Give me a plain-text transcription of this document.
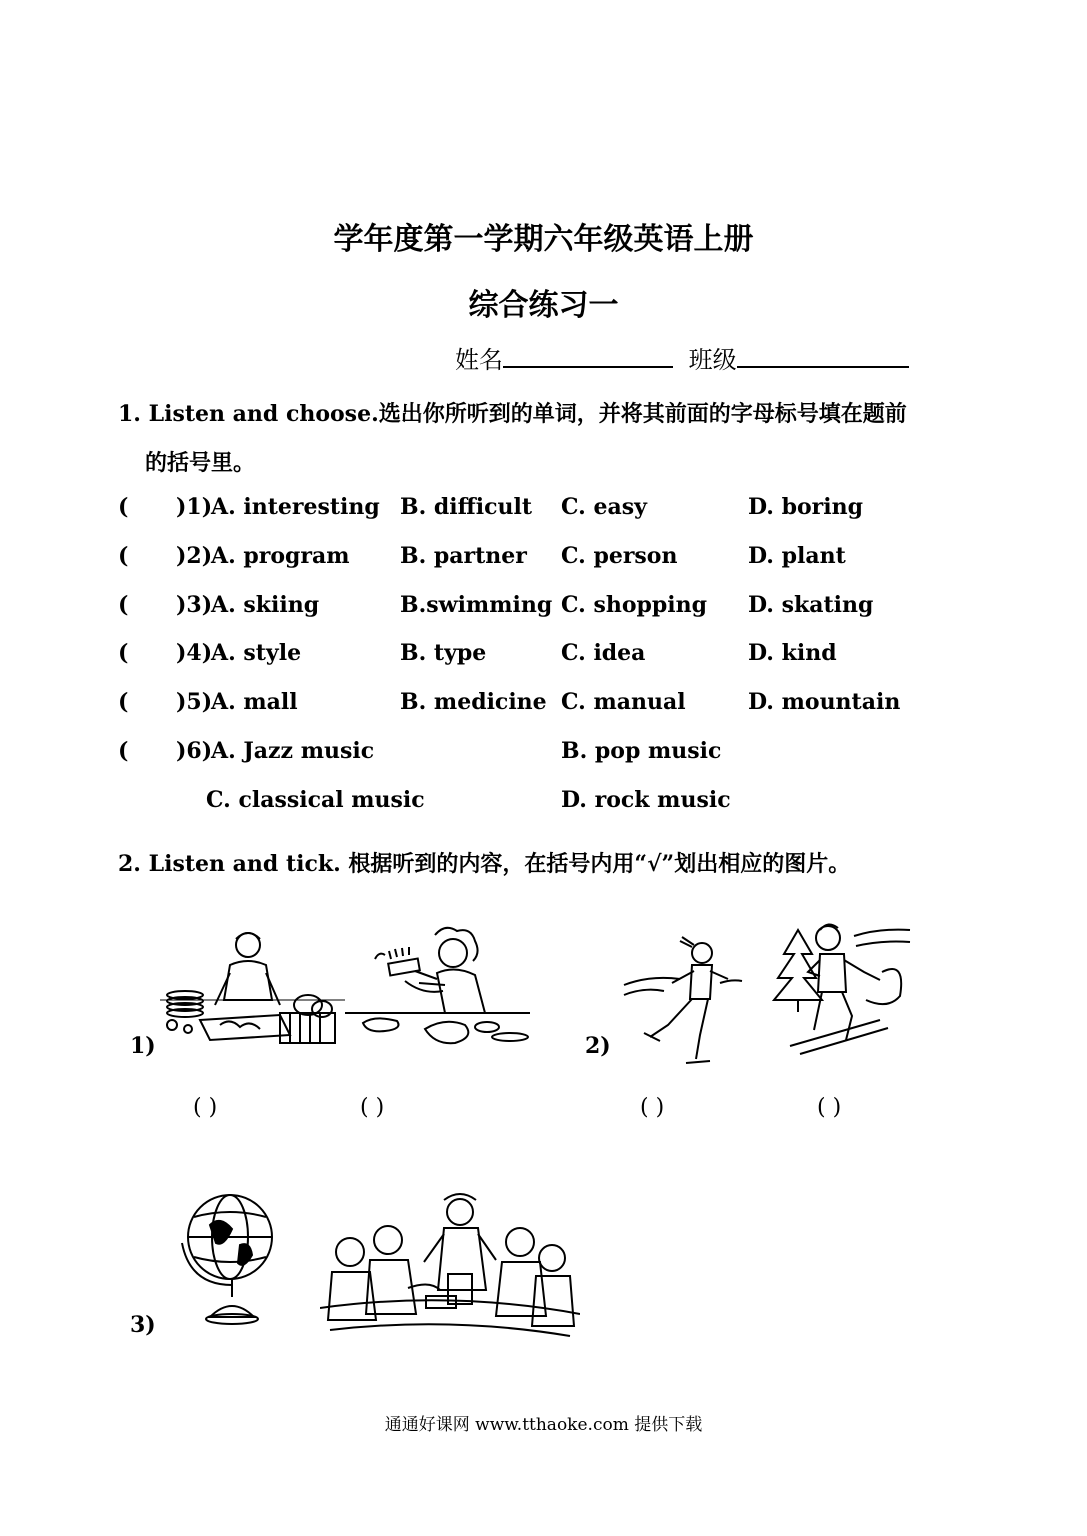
学年度第一学期六年级英语上册
综合练习一
姓名	班级
1. Listen and choose.选出你所听到的单词，并将其前面的字母标号填在题前
的括号里。
( )1)
A. interesting B. difficult C. easy	D. boring
( )2)
A. program B. partner C. person	D. plant
( )3)
A. skiing	B.swimming C. shopping D. skating
( )4)
A. style	B. type	C. idea	D. kind
( )5)
A. mall	B. medicine C. manual	D. mountain
( )6)
A. Jazz music	B. pop music
C. classical music	D. rock music
2. Listen and tick. 根据听到的内容，在括号内用“√”划出相应的图片。
1)
( )	( )
2)
( )	( )
3)
通通好课网 www.tthaoke.com 提供下载
